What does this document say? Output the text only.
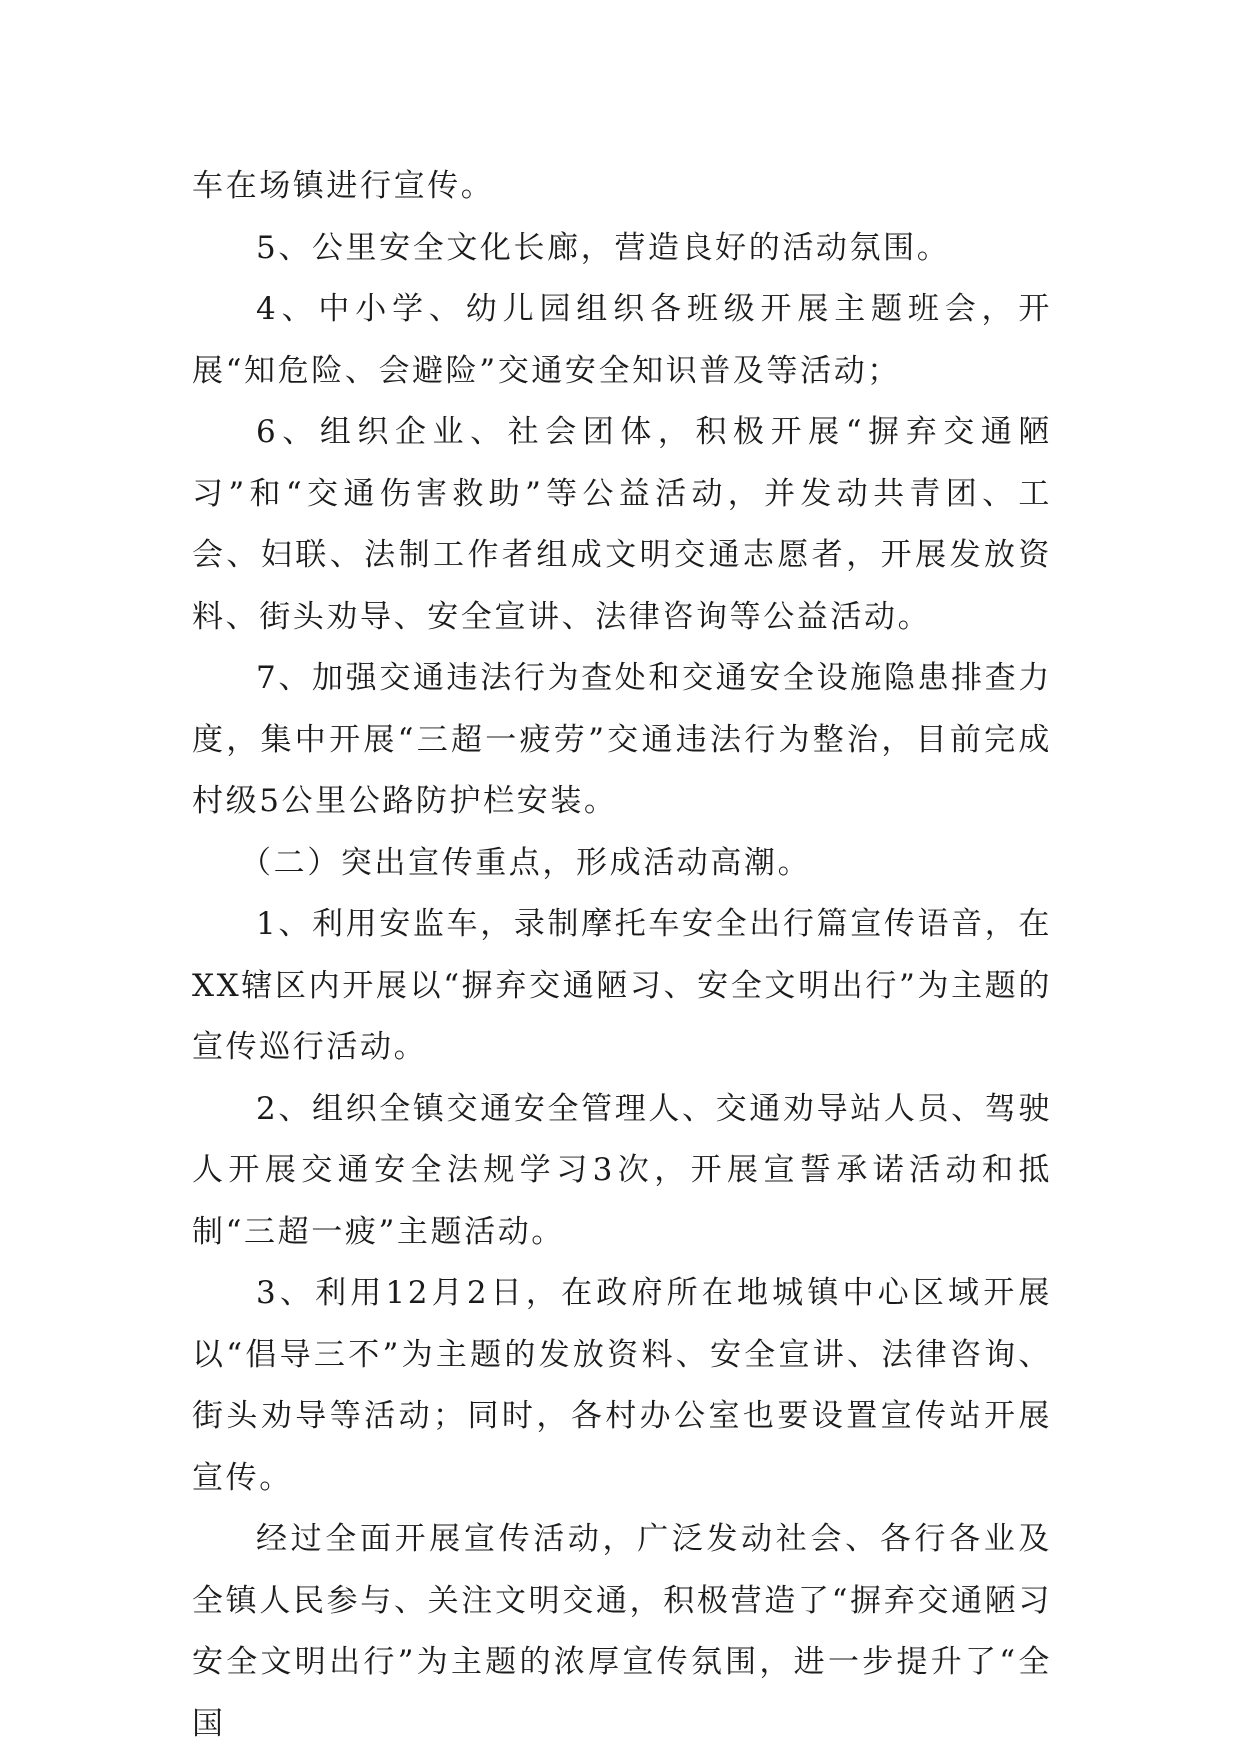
车在场镇进行宣传。

5、公里安全文化长廊，营造良好的活动氛围。

4、中小学、幼儿园组织各班级开展主题班会，开展“知危险、会避险”交通安全知识普及等活动；

6、组织企业、社会团体，积极开展“摒弃交通陋习”和“交通伤害救助”等公益活动，并发动共青团、工会、妇联、法制工作者组成文明交通志愿者，开展发放资料、街头劝导、安全宣讲、法律咨询等公益活动。

7、加强交通违法行为查处和交通安全设施隐患排查力度，集中开展“三超一疲劳”交通违法行为整治，目前完成村级5公里公路防护栏安装。

（二）突出宣传重点，形成活动高潮。

1、利用安监车，录制摩托车安全出行篇宣传语音，在XX辖区内开展以“摒弃交通陋习、安全文明出行”为主题的宣传巡行活动。

2、组织全镇交通安全管理人、交通劝导站人员、驾驶人开展交通安全法规学习3次，开展宣誓承诺活动和抵制“三超一疲”主题活动。

3、利用12月2日，在政府所在地城镇中心区域开展以“倡导三不”为主题的发放资料、安全宣讲、法律咨询、街头劝导等活动；同时，各村办公室也要设置宣传站开展宣传。

经过全面开展宣传活动，广泛发动社会、各行各业及全镇人民参与、关注文明交通，积极营造了“摒弃交通陋习安全文明出行”为主题的浓厚宣传氛围，进一步提升了“全国
